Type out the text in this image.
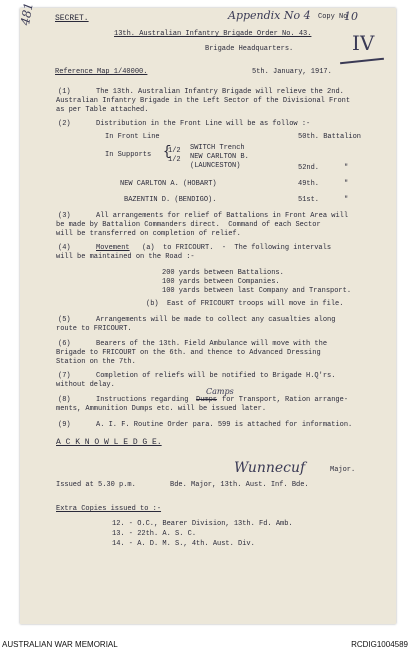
481	Appendix No 4 Copy No
10
IV
SECRET.
13th. Australian Infantry Brigade Order No. 43.
Brigade Headquarters.
Reference Map 1/40000.	5th. January, 1917.
(1)	The 13th. Australian Infantry Brigade will relieve the 2nd.
Australian Infantry Brigade in the Left Sector of the Divisional Front
as per Table attached.
(2)	Distribution in the Front Line will be as follow :-
In Front Line	50th. Battalion
In Supports 1/2
{
1/2
SWITCH Trench
NEW CARLTON B.
(LAUNCESTON)	52nd.	"
NEW CARLTON A. (HOBART)	49th.	"
BAZENTIN D. (BENDIGO).	51st.	"
(3)	All arrangements for relief of Battalions in Front Area will
be made by Battalion Commanders direct.  Command of each Sector
will be transferred on completion of relief.
(4)	Movement (a)  to FRICOURT.  -  The following intervals
will be maintained on the Road :-
200 yards between Battalions.
100 yards between Companies.
100 yards between last Company and Transport.
(b)  East of FRICOURT troops will move in file.
(5)	Arrangements will be made to collect any casualties along
route to FRICOURT.
(6)	Bearers of the 13th. Field Ambulance will move with the
Brigade to FRICOURT on the 6th. and thence to Advanced Dressing
Station on the 7th.
(7)	Completion of reliefs will be notified to Brigade H.Q'rs.
without delay.
Camps
(8)	Instructions regarding Dumps for Transport, Ration arrange-
ments, Ammunition Dumps etc. will be issued later.
(9)	A. I. F. Routine Order para. 599 is attached for information.
A C K N O W L E D G E.
Wunnecuf	Major.
Issued at 5.30 p.m.	Bde. Major, 13th. Aust. Inf. Bde.
Extra Copies issued to :-
12. - O.C., Bearer Division, 13th. Fd. Amb.
13. - 22th. A. S. C.
14. - A. D. M. S., 4th. Aust. Div.
AUSTRALIAN WAR MEMORIAL	RCDIG1004589
